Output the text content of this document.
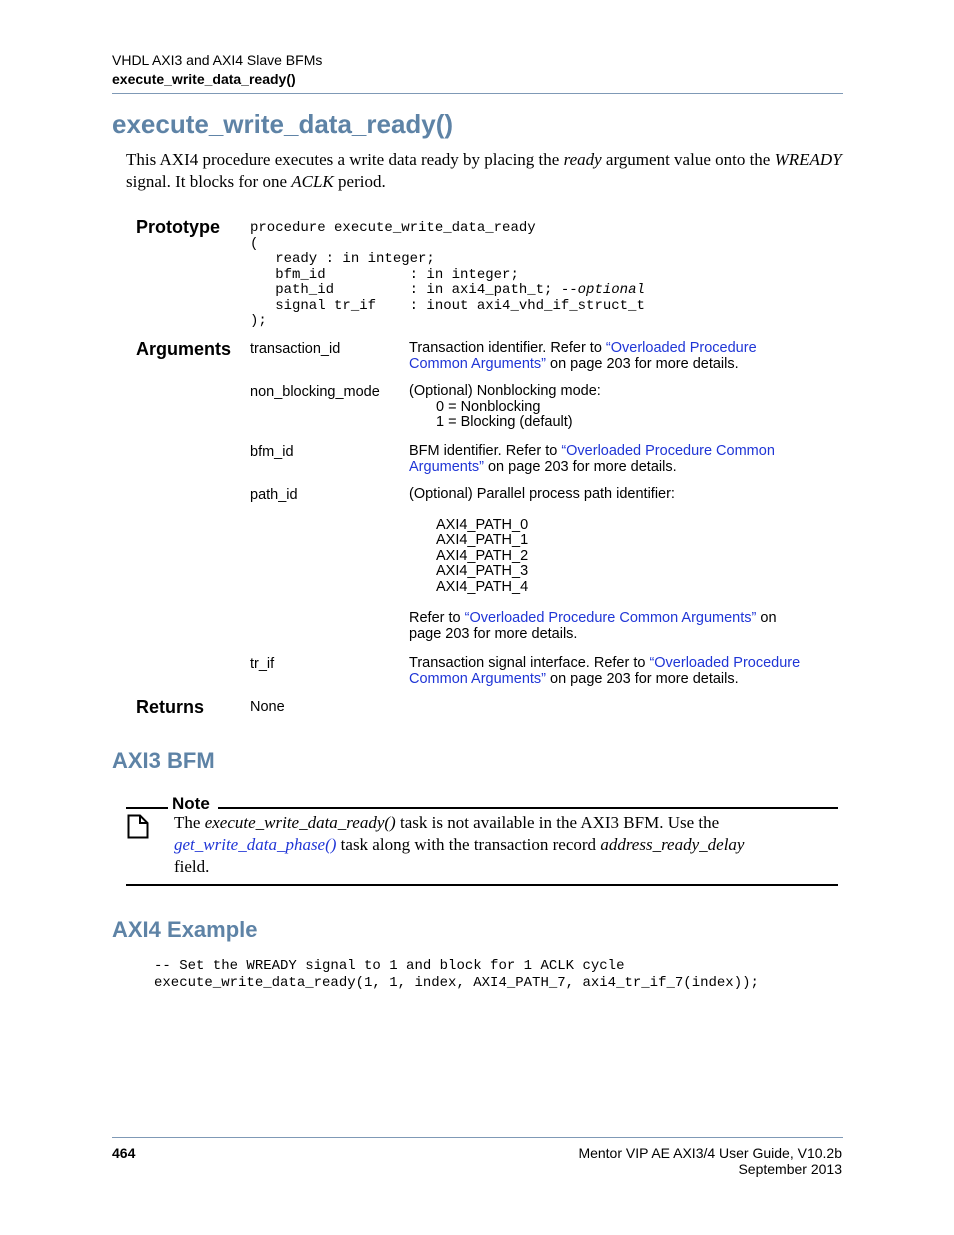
VHDL AXI3 and AXI4 Slave BFMs
execute_write_data_ready()
execute_write_data_ready()
This AXI4 procedure executes a write data ready by placing the ready argument value onto the WREADY signal. It blocks for one ACLK period.
Prototype procedure execute_write_data_ready
(
ready : in integer;
bfm_id          : in integer;
path_id         : in axi4_path_t; --optional
signal tr_if    : inout axi4_vhd_if_struct_t
);
Arguments transaction_id	Transaction identifier. Refer to “Overloaded Procedure
Common Arguments” on page 203 for more details.
non_blocking_mode (Optional) Nonblocking mode:
0 = Nonblocking
1 = Blocking (default)
bfm_id	BFM identifier. Refer to “Overloaded Procedure Common
Arguments” on page 203 for more details.
path_id	(Optional) Parallel process path identifier:
AXI4_PATH_0
AXI4_PATH_1
AXI4_PATH_2
AXI4_PATH_3
AXI4_PATH_4
Refer to “Overloaded Procedure Common Arguments” on
page 203 for more details.
tr_if	Transaction signal interface. Refer to “Overloaded Procedure
Common Arguments” on page 203 for more details.
Returns	None
AXI3 BFM
Note
The execute_write_data_ready() task is not available in the AXI3 BFM. Use the
get_write_data_phase() task along with the transaction record address_ready_delay
field.
AXI4 Example
-- Set the WREADY signal to 1 and block for 1 ACLK cycle
execute_write_data_ready(1, 1, index, AXI4_PATH_7, axi4_tr_if_7(index));
464	Mentor VIP AE AXI3/4 User Guide, V10.2b
September 2013
